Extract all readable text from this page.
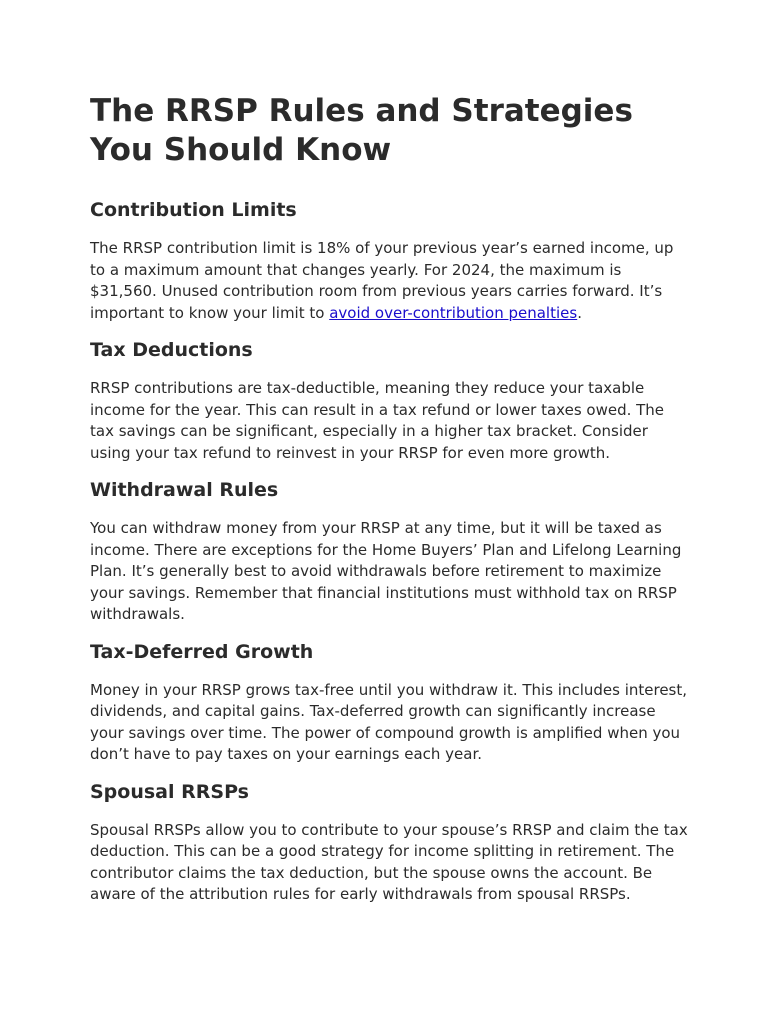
The RRSP Rules and Strategies You Should Know
Contribution Limits

The RRSP contribution limit is 18% of your previous year’s earned income, up to a maximum amount that changes yearly. For 2024, the maximum is $31,560. Unused contribution room from previous years carries forward. It’s important to know your limit to avoid over-contribution penalties.

Tax Deductions

RRSP contributions are tax-deductible, meaning they reduce your taxable income for the year. This can result in a tax refund or lower taxes owed. The tax savings can be significant, especially in a higher tax bracket. Consider using your tax refund to reinvest in your RRSP for even more growth.

Withdrawal Rules

You can withdraw money from your RRSP at any time, but it will be taxed as income. There are exceptions for the Home Buyers’ Plan and Lifelong Learning Plan. It’s generally best to avoid withdrawals before retirement to maximize your savings. Remember that financial institutions must withhold tax on RRSP withdrawals.

Tax-Deferred Growth

Money in your RRSP grows tax-free until you withdraw it. This includes interest, dividends, and capital gains. Tax-deferred growth can significantly increase your savings over time. The power of compound growth is amplified when you don’t have to pay taxes on your earnings each year.

Spousal RRSPs

Spousal RRSPs allow you to contribute to your spouse’s RRSP and claim the tax deduction. This can be a good strategy for income splitting in retirement. The contributor claims the tax deduction, but the spouse owns the account. Be aware of the attribution rules for early withdrawals from spousal RRSPs.
